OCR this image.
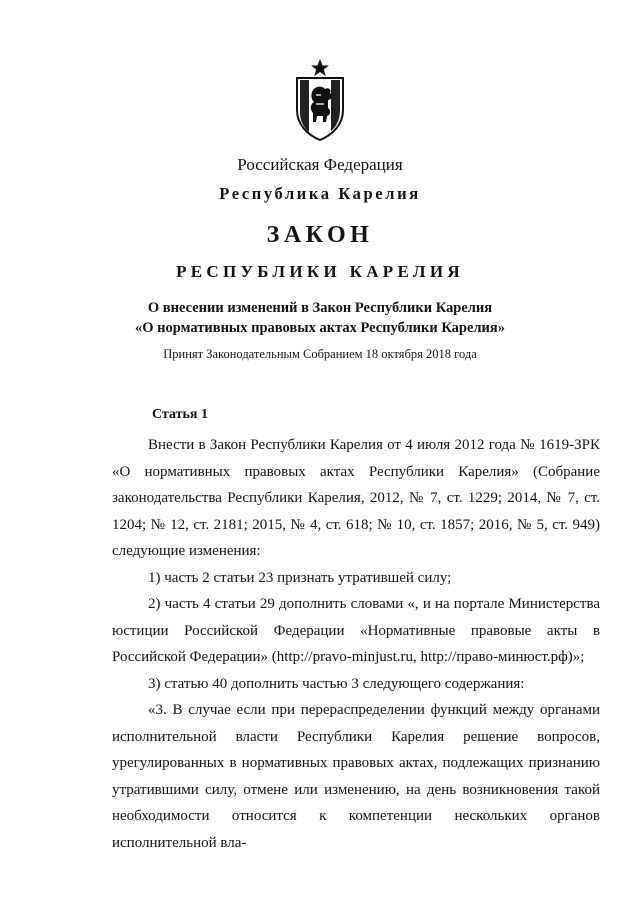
Российская Федерация
Республика Карелия
ЗАКОН
РЕСПУБЛИКИ КАРЕЛИЯ
О внесении изменений в Закон Республики Карелия
«О нормативных правовых актах Республики Карелия»
Принят Законодательным Собранием 18 октября 2018 года
Статья 1

Внести в Закон Республики Карелия от 4 июля 2012 года № 1619-ЗРК «О нормативных правовых актах Республики Карелия» (Собрание законодательства Республики Карелия, 2012, № 7, ст. 1229; 2014, № 7, ст. 1204; № 12, ст. 2181; 2015, № 4, ст. 618; № 10, ст. 1857; 2016, № 5, ст. 949) следующие изменения:

1) часть 2 статьи 23 признать утратившей силу;

2) часть 4 статьи 29 дополнить словами «, и на портале Министерства юстиции Российской Федерации «Нормативные правовые акты в Российской Федерации» (http://pravo-minjust.ru, http://право-минюст.рф)»;

3) статью 40 дополнить частью 3 следующего содержания:

«3. В случае если при перераспределении функций между органами исполнительной власти Республики Карелия решение вопросов, урегулированных в нормативных правовых актах, подлежащих признанию утратившими силу, отмене или изменению, на день возникновения такой необходимости относится к компетенции нескольких органов исполнительной вла-
